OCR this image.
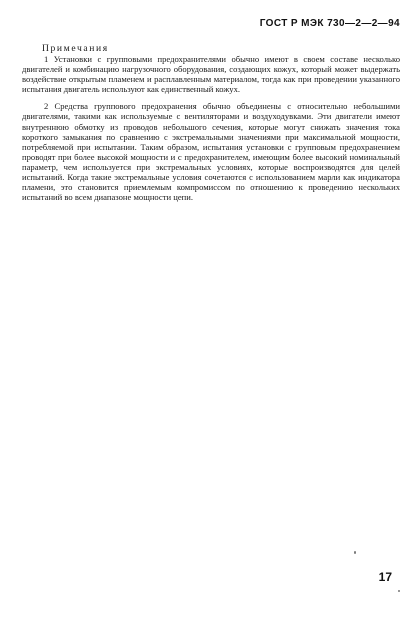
ГОСТ Р МЭК 730—2—2—94

Примечания

1 Установки с групповыми предохранителями обычно имеют в своем составе несколько двигателей и комбинацию нагрузочного оборудования, создающих кожух, который может выдержать воздействие открытым пламенем и расплавленным материалом, тогда как при проведении указанного испытания двигатель используют как единственный кожух.

2 Средства группового предохранения обычно объединены с относительно небольшими двигателями, такими как используемые с вентиляторами и воздуходувками. Эти двигатели имеют внутреннюю обмотку из проводов небольшого сечения, которые могут снижать значения тока короткого замыкания по сравнению с экстремальными значениями при максимальной мощности, потребляемой при испытании. Таким образом, испытания установки с групповым предохранением проводят при более высокой мощности и с предохранителем, имеющим более высокий номинальный параметр, чем используется при экстремальных условиях, которые воспроизводятся для целей испытаний. Когда такие экстремальные условия сочетаются с использованием марли как индикатора пламени, это становится приемлемым компромиссом по отношению к проведению нескольких испытаний во всем диапазоне мощности цепи.

17
